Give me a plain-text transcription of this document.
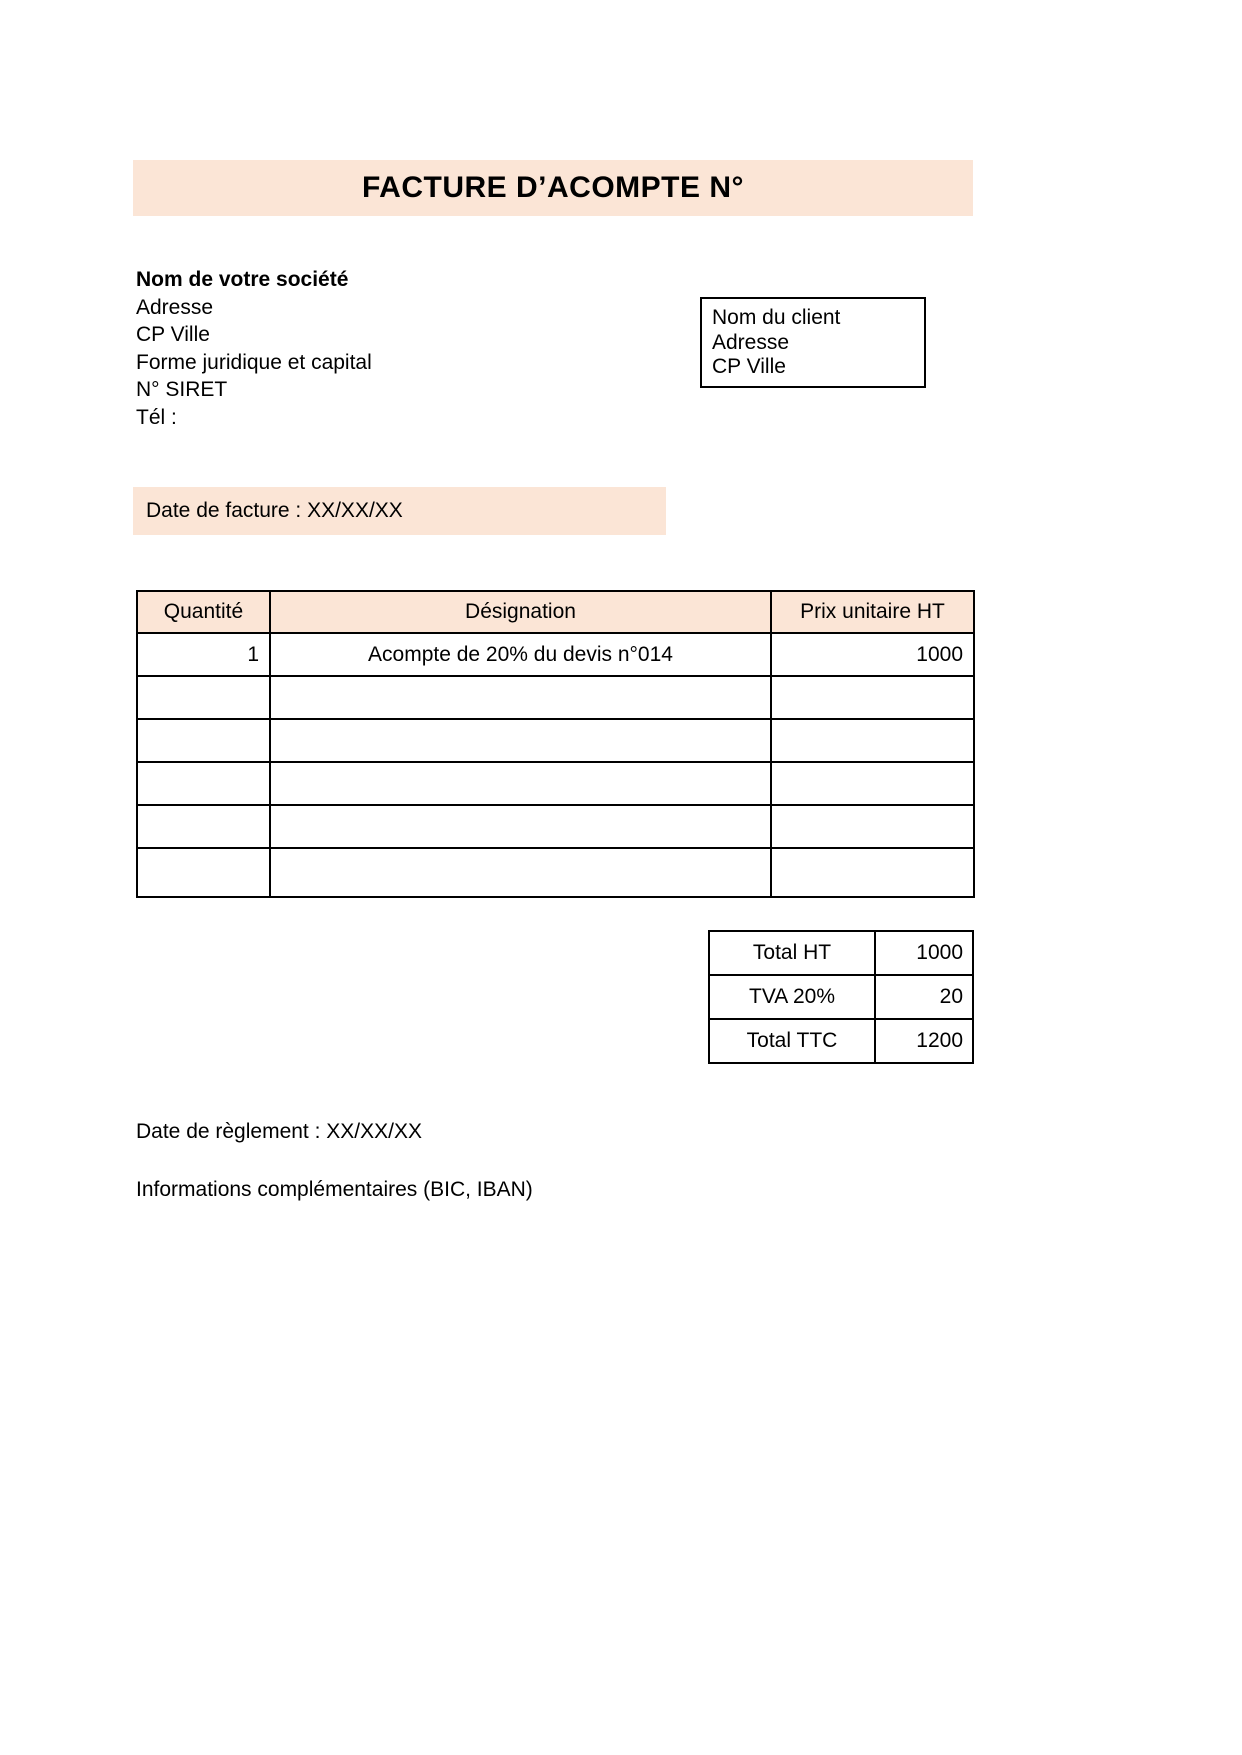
FACTURE D’ACOMPTE N°
Nom de votre société
Adresse
CP Ville
Forme juridique et capital
N° SIRET
Tél :
Nom du client
Adresse
CP Ville
Date de facture : XX/XX/XX
Quantité	Désignation	Prix unitaire HT
1	Acompte de 20% du devis n°014	1000

Total HT	1000
TVA 20%	20
Total TTC	1200
Date de règlement : XX/XX/XX
Informations complémentaires (BIC, IBAN)
